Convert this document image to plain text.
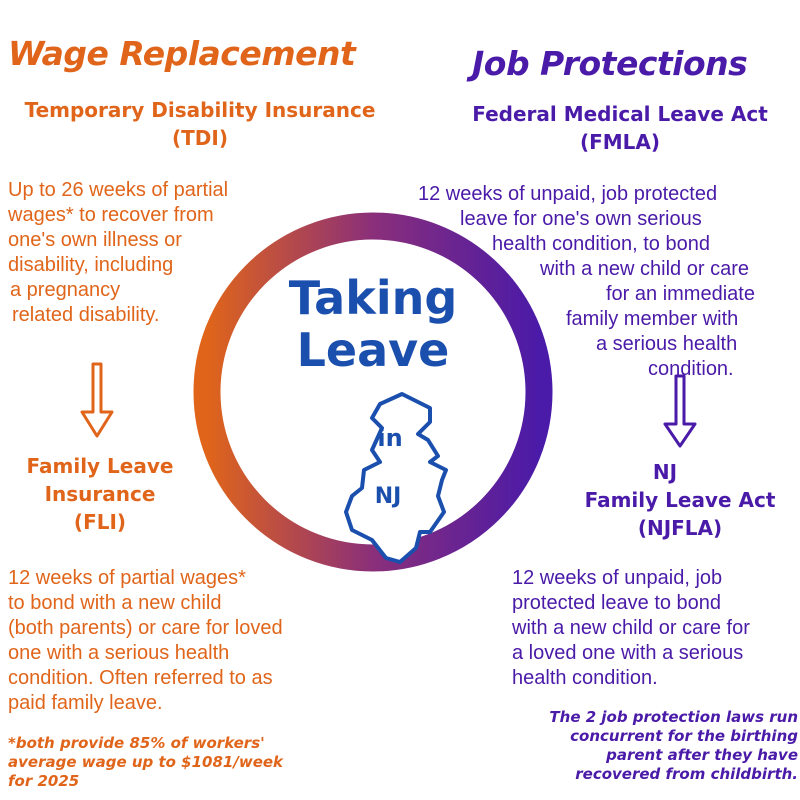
Wage Replacement	Job Protections
Temporary Disability Insurance
(TDI)
Federal Medical Leave Act
(FMLA)
Up to 26 weeks of partial
wages* to recover from
one's own illness or
disability, including
a pregnancy
related disability.
12 weeks of unpaid, job protected
leave for one's own serious
health condition, to bond
with a new child or care
for an immediate
family member with
a serious health
condition.
Taking
Leave
in
NJ
Family Leave
Insurance
(FLI)
NJ
Family Leave Act
(NJFLA)
12 weeks of partial wages*
to bond with a new child
(both parents) or care for loved
one with a serious health
condition. Often referred to as
paid family leave.
12 weeks of unpaid, job
protected leave to bond
with a new child or care for
a loved one with a serious
health condition.
*both provide 85% of workers'
average wage up to $1081/week
for 2025
The 2 job protection laws run
concurrent for the birthing
parent after they have
recovered from childbirth.
